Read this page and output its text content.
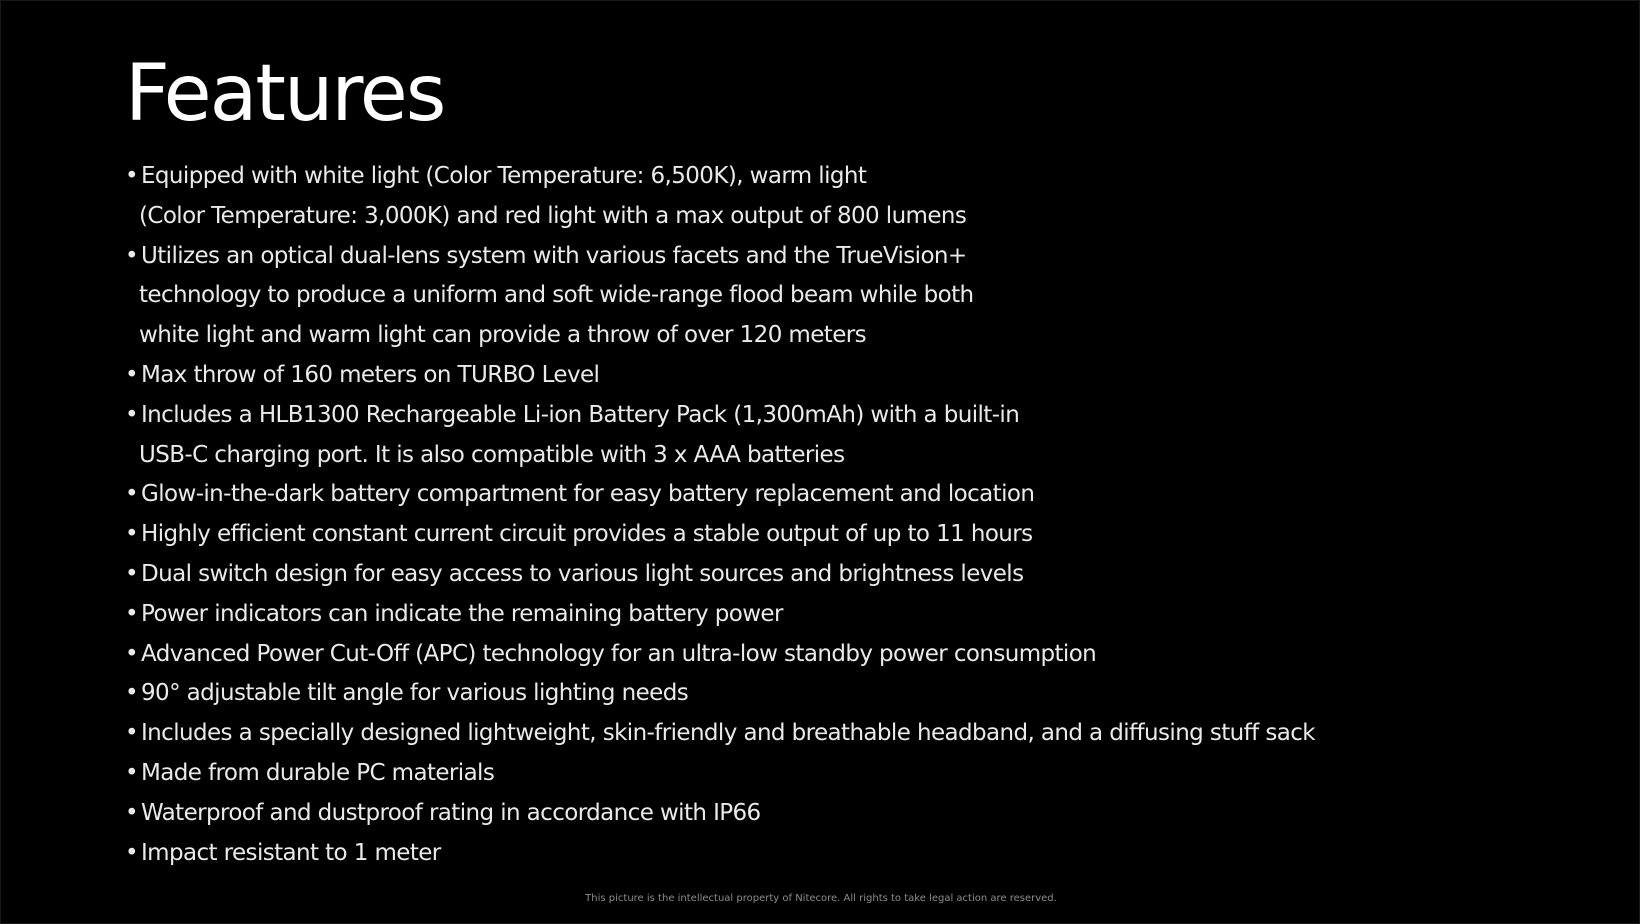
Features
• Equipped with white light (Color Temperature: 6,500K), warm light
(Color Temperature: 3,000K) and red light with a max output of 800 lumens
• Utilizes an optical dual-lens system with various facets and the TrueVision+
technology to produce a uniform and soft wide-range flood beam while both
white light and warm light can provide a throw of over 120 meters
• Max throw of 160 meters on TURBO Level
• Includes a HLB1300 Rechargeable Li-ion Battery Pack (1,300mAh) with a built-in
USB-C charging port. It is also compatible with 3 x AAA batteries
• Glow-in-the-dark battery compartment for easy battery replacement and location
• Highly efficient constant current circuit provides a stable output of up to 11 hours
• Dual switch design for easy access to various light sources and brightness levels
• Power indicators can indicate the remaining battery power
• Advanced Power Cut-Off (APC) technology for an ultra-low standby power consumption
• 90° adjustable tilt angle for various lighting needs
• Includes a specially designed lightweight, skin-friendly and breathable headband, and a diffusing stuff sack
• Made from durable PC materials
• Waterproof and dustproof rating in accordance with IP66
• Impact resistant to 1 meter
This picture is the intellectual property of Nitecore. All rights to take legal action are reserved.
